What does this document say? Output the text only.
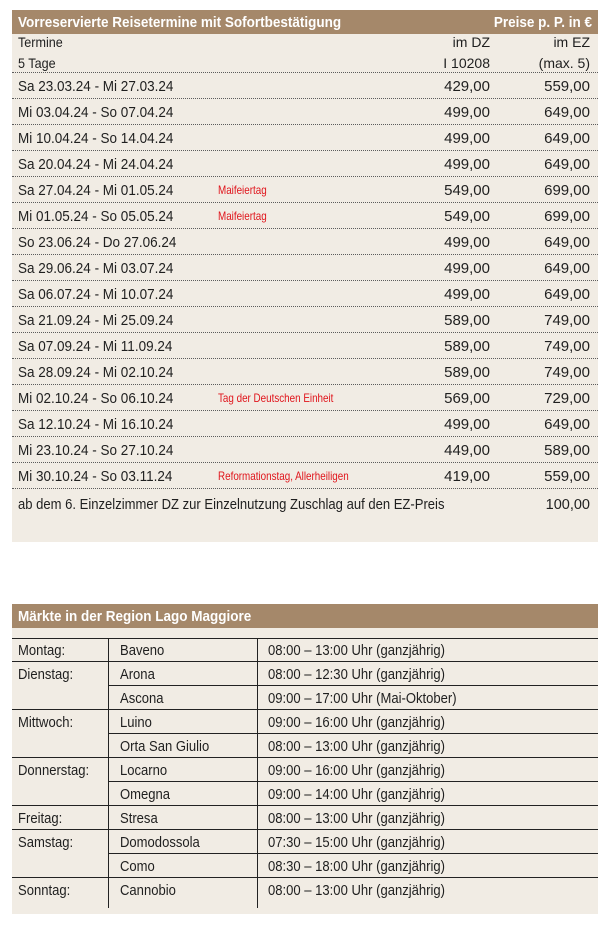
Vorreservierte Reisetermine mit Sofortbestätigung	Preise p. P. in €
Termine	im DZ	im EZ
5 Tage	I 10208	(max. 5)
Sa 23.03.24 - Mi 27.03.24	429,00	559,00
Mi 03.04.24 - So 07.04.24	499,00	649,00
Mi 10.04.24 - So 14.04.24	499,00	649,00
Sa 20.04.24 - Mi 24.04.24	499,00	649,00
Sa 27.04.24 - Mi 01.05.24	Maifeiertag	549,00	699,00
Mi 01.05.24 - So 05.05.24	Maifeiertag	549,00	699,00
So 23.06.24 - Do 27.06.24	499,00	649,00
Sa 29.06.24 - Mi 03.07.24	499,00	649,00
Sa 06.07.24 - Mi 10.07.24	499,00	649,00
Sa 21.09.24 - Mi 25.09.24	589,00	749,00
Sa 07.09.24 - Mi 11.09.24	589,00	749,00
Sa 28.09.24 - Mi 02.10.24	589,00	749,00
Mi 02.10.24 - So 06.10.24	Tag der Deutschen Einheit	569,00	729,00
Sa 12.10.24 - Mi 16.10.24	499,00	649,00
Mi 23.10.24 - So 27.10.24	449,00	589,00
Mi 30.10.24 - So 03.11.24	Reformationstag, Allerheiligen	419,00	559,00
ab dem 6. Einzelzimmer DZ zur Einzelnutzung Zuschlag auf den EZ-Preis	100,00
Märkte in der Region Lago Maggiore
Montag:	Baveno	08:00 – 13:00 Uhr (ganzjährig)
Dienstag:	Arona	08:00 – 12:30 Uhr (ganzjährig)
Ascona	09:00 – 17:00 Uhr (Mai-Oktober)
Mittwoch:	Luino	09:00 – 16:00 Uhr (ganzjährig)
Orta San Giulio	08:00 – 13:00 Uhr (ganzjährig)
Donnerstag: Locarno	09:00 – 16:00 Uhr (ganzjährig)
Omegna	09:00 – 14:00 Uhr (ganzjährig)
Freitag:	Stresa	08:00 – 13:00 Uhr (ganzjährig)
Samstag:	Domodossola	07:30 – 15:00 Uhr (ganzjährig)
Como	08:30 – 18:00 Uhr (ganzjährig)
Sonntag:	Cannobio	08:00 – 13:00 Uhr (ganzjährig)
